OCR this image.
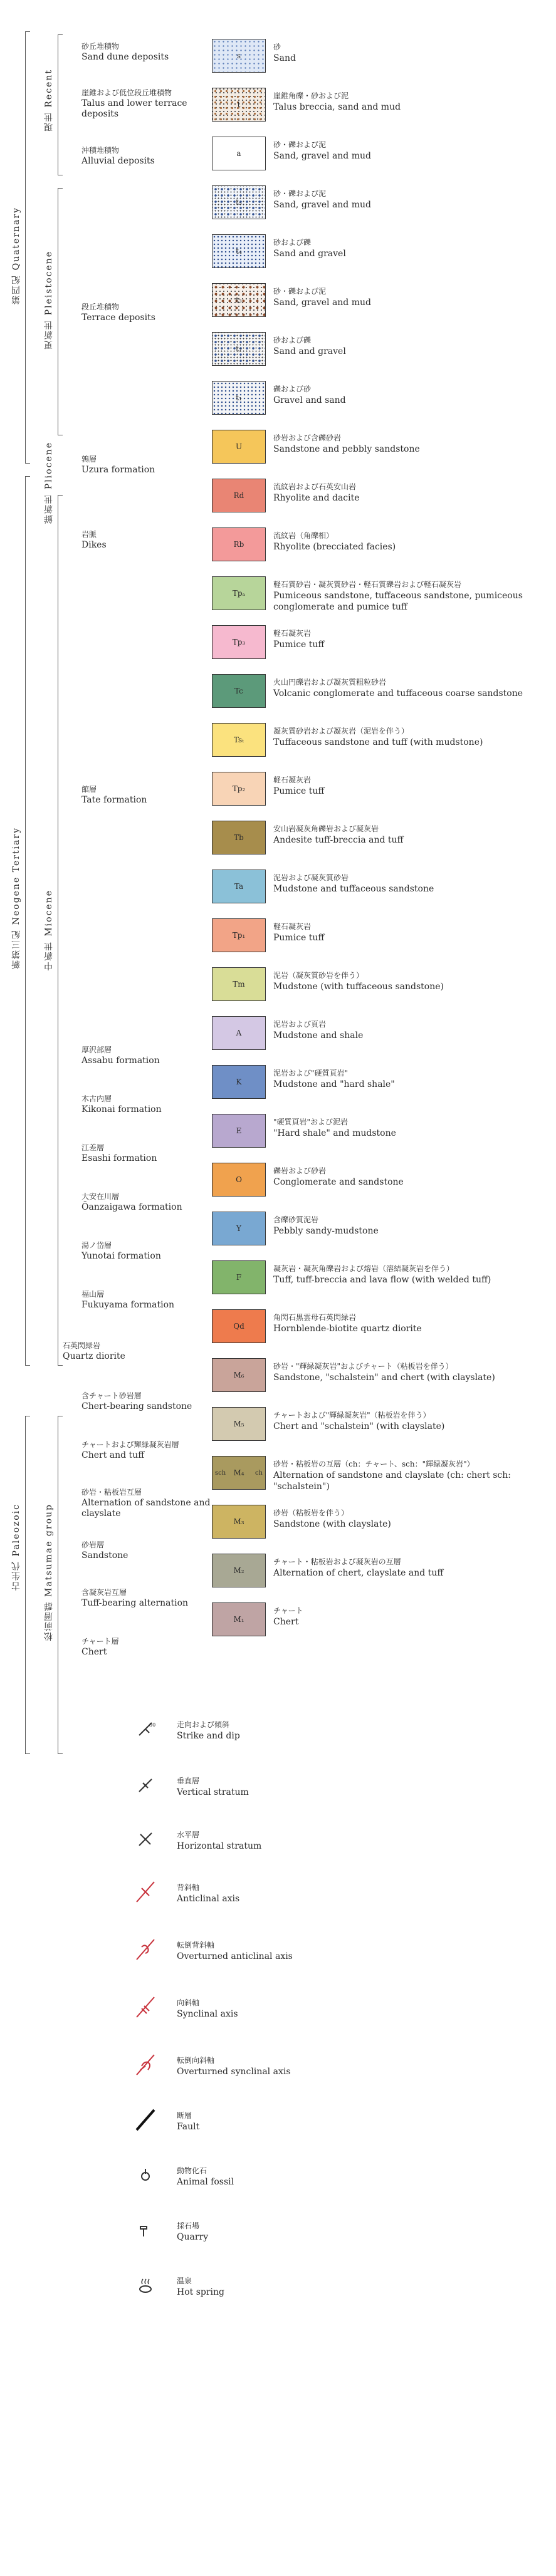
第四紀 Quaternary
現世 Recent
更新世 Pleistocene
鮮新世 Pliocene
新第三紀 Neogene Tertiary
中新世 Miocene
古生代 Paleozoic
松前層群 Matsumae group
砂丘堆積物
Sand dune deposits
崖錐および低位段丘堆積物
Talus and lower terrace deposits
沖積堆積物
Alluvial deposits
段丘堆積物
Terrace deposits
鶉層
Uzura formation
岩脈
Dikes
館層
Tate formation
厚沢部層
Assabu formation
木古内層
Kikonai formation
江差層
Esashi formation
大安在川層
Ōanzaigawa formation
湯ノ岱層
Yunotai formation
福山層
Fukuyama formation
石英閃緑岩
Quartz diorite
含チャート砂岩層
Chert-bearing sandstone
チャートおよび輝緑凝灰岩層
Chert and tuff
砂岩・粘板岩互層
Alternation of sandstone and clayslate
砂岩層
Sandstone
含凝灰岩互層
Tuff-bearing alternation
チャート層
Chert
s
砂
Sand
t
崖錐角礫・砂および泥
Talus breccia, sand and mud
a
砂・礫および泥
Sand, gravel and mud
t₅
砂・礫および泥
Sand, gravel and mud
t₄
砂および礫
Sand and gravel
t₃
砂・礫および泥
Sand, gravel and mud
t₂
砂および礫
Sand and gravel
t₁
礫および砂
Gravel and sand
U
砂岩および含礫砂岩
Sandstone and pebbly sandstone
Rd
流紋岩および石英安山岩
Rhyolite and dacite
Rb
流紋岩（角礫相）
Rhyolite (brecciated facies)
Tpₐ
軽石質砂岩・凝灰質砂岩・軽石質礫岩および軽石凝灰岩
Pumiceous sandstone, tuffaceous sandstone, pumiceous conglomerate and pumice tuff
Tp₃
軽石凝灰岩
Pumice tuff
Tc
火山円礫岩および凝灰質粗粒砂岩
Volcanic conglomerate and tuffaceous coarse sandstone
Tsₜ
凝灰質砂岩および凝灰岩（泥岩を伴う）
Tuffaceous sandstone and tuff (with mudstone)
Tp₂
軽石凝灰岩
Pumice tuff
Tb
安山岩凝灰角礫岩および凝灰岩
Andesite tuff-breccia and tuff
Ta
泥岩および凝灰質砂岩
Mudstone and tuffaceous sandstone
Tp₁
軽石凝灰岩
Pumice tuff
Tm
泥岩（凝灰質砂岩を伴う）
Mudstone (with tuffaceous sandstone)
A
泥岩および頁岩
Mudstone and shale
K
泥岩および"硬質頁岩"
Mudstone and "hard shale"
E
"硬質頁岩"および泥岩
"Hard shale" and mudstone
O
礫岩および砂岩
Conglomerate and sandstone
Y
含礫砂質泥岩
Pebbly sandy-mudstone
F
凝灰岩・凝灰角礫岩および熔岩（溶結凝灰岩を伴う）
Tuff, tuff-breccia and lava flow (with welded tuff)
Qd
角閃石黒雲母石英閃緑岩
Hornblende-biotite quartz diorite
M₆
砂岩・"輝緑凝灰岩"およびチャート（粘板岩を伴う）
Sandstone, "schalstein" and chert (with clayslate)
M₅
チャートおよび"輝緑凝灰岩"（粘板岩を伴う）
Chert and "schalstein" (with clayslate)
M₄
sch	ch
砂岩・粘板岩の互層（ch：チャート、sch："輝緑凝灰岩"）
Alternation of sandstone and clayslate (ch: chert sch: "schalstein")
M₃
砂岩（粘板岩を伴う）
Sandstone (with clayslate)
M₂
チャート・粘板岩および凝灰岩の互層
Alternation of chert, clayslate and tuff
M₁
チャート
Chert
30	走向および傾斜
Strike and dip
垂直層
Vertical stratum
水平層
Horizontal stratum
背斜軸
Anticlinal axis
転倒背斜軸
Overturned anticlinal axis
向斜軸
Synclinal axis
転倒向斜軸
Overturned synclinal axis
断層
Fault
動物化石
Animal fossil
採石場
Quarry
温泉
Hot spring
